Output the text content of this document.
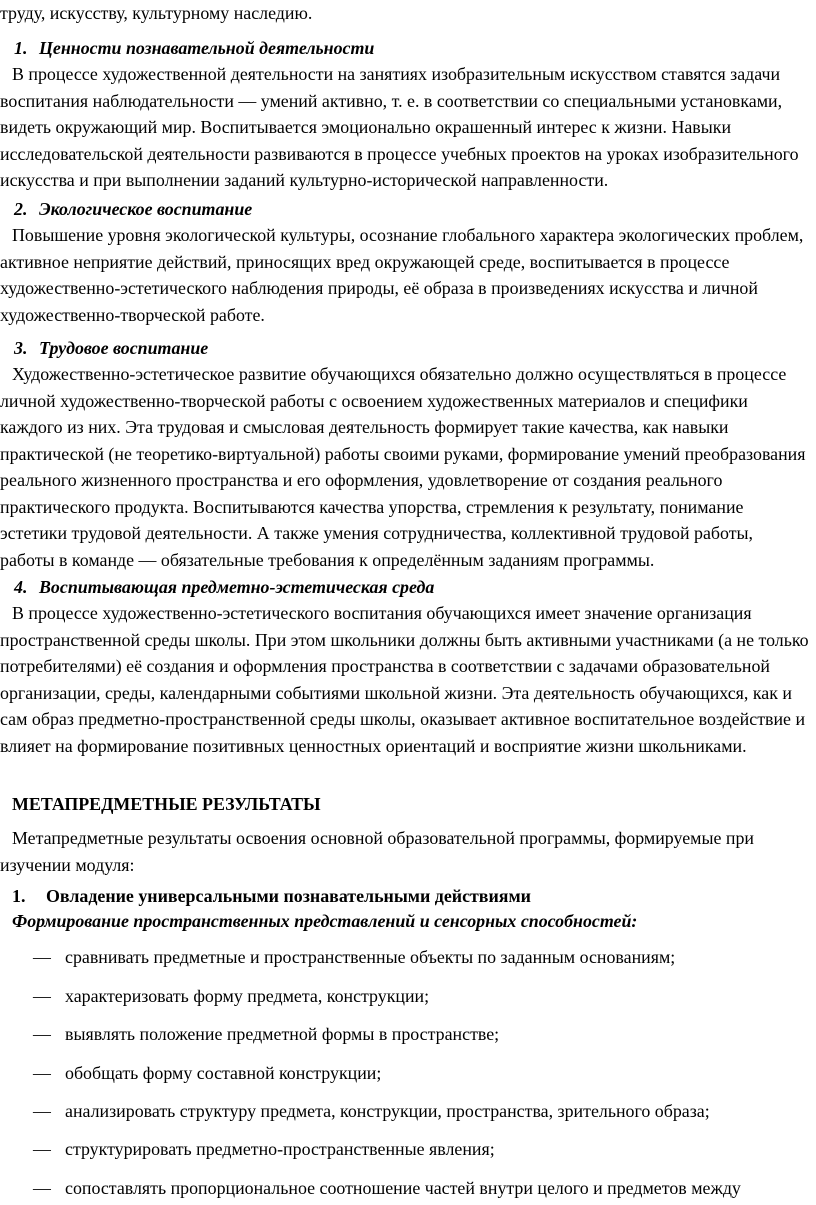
труду, искусству, культурному наследию.

1. Ценности познавательной деятельности

В процессе художественной деятельности на занятиях изобразительным искусством ставятся задачи воспитания наблюдательности — умений активно, т. е. в соответствии со специальными установками, видеть окружающий мир. Воспитывается эмоционально окрашенный интерес к жизни. Навыки исследовательской деятельности развиваются в процессе учебных проектов на уроках изобразительного искусства и при выполнении заданий культурно-исторической направленности.

2. Экологическое воспитание

Повышение уровня экологической культуры, осознание глобального характера экологических проблем, активное неприятие действий, приносящих вред окружающей среде, воспитывается в процессе художественно-эстетического наблюдения природы, её образа в произведениях искусства и личной художественно-творческой работе.

3. Трудовое воспитание

Художественно-эстетическое развитие обучающихся обязательно должно осуществляться в процессе личной художественно-творческой работы с освоением художественных материалов и специфики каждого из них. Эта трудовая и смысловая деятельность формирует такие качества, как навыки практической (не теоретико-виртуальной) работы своими руками, формирование умений преобразования реального жизненного пространства и его оформления, удовлетворение от создания реального практического продукта. Воспитываются качества упорства, стремления к результату, понимание эстетики трудовой деятельности. А также умения сотрудничества, коллективной трудовой работы, работы в команде — обязательные требования к определённым заданиям программы.

4. Воспитывающая предметно-эстетическая среда

В процессе художественно-эстетического воспитания обучающихся имеет значение организация пространственной среды школы. При этом школьники должны быть активными участниками (а не только потребителями) её создания и оформления пространства в соответствии с задачами образовательной организации, среды, календарными событиями школьной жизни. Эта деятельность обучающихся, как и сам образ предметно-пространственной среды школы, оказывает активное воспитательное воздействие и влияет на формирование позитивных ценностных ориентаций и восприятие жизни школьниками.

МЕТАПРЕДМЕТНЫЕ РЕЗУЛЬТАТЫ

Метапредметные результаты освоения основной образовательной программы, формируемые при изучении модуля:

1. Овладение универсальными познавательными действиями

Формирование пространственных представлений и сенсорных способностей:

— сравнивать предметные и пространственные объекты по заданным основаниям;

— характеризовать форму предмета, конструкции;

— выявлять положение предметной формы в пространстве;

— обобщать форму составной конструкции;

— анализировать структуру предмета, конструкции, пространства, зрительного образа;

— структурировать предметно-пространственные явления;

— сопоставлять пропорциональное соотношение частей внутри целого и предметов между
